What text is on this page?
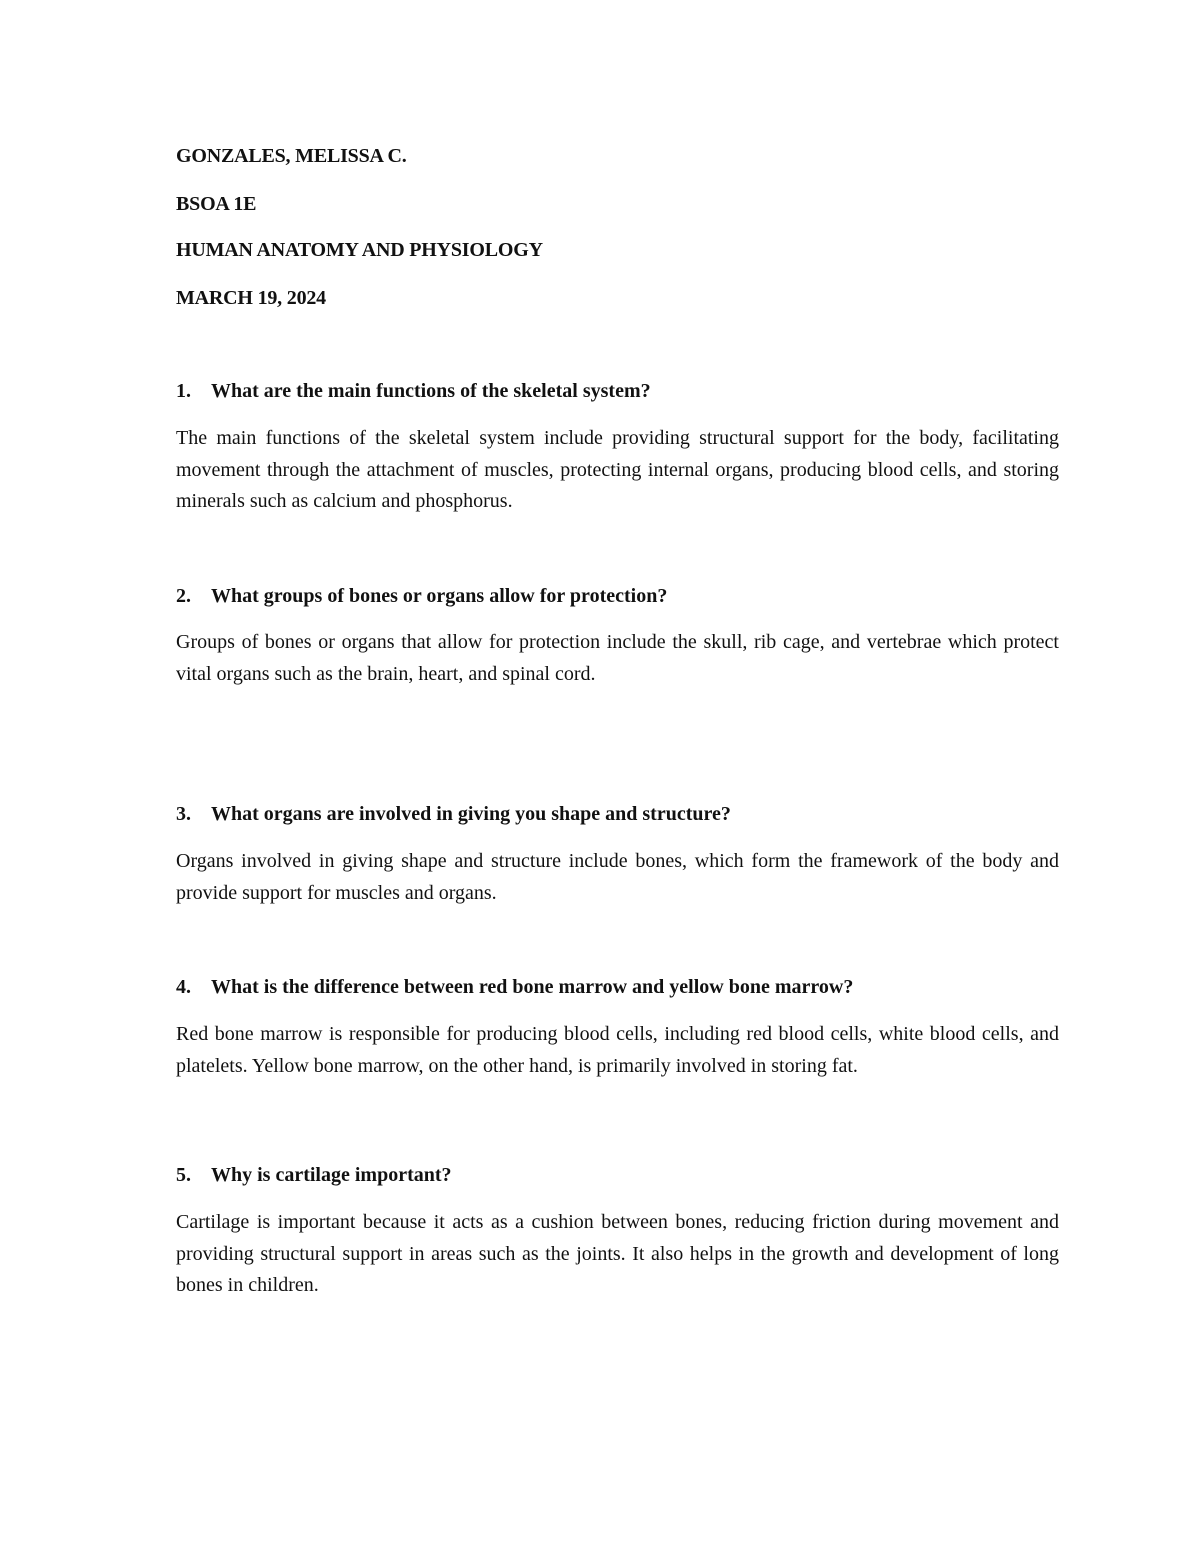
GONZALES, MELISSA C.

BSOA 1E

HUMAN ANATOMY AND PHYSIOLOGY

MARCH 19, 2024

1. What are the main functions of the skeletal system?

The main functions of the skeletal system include providing structural support for the body, facilitating movement through the attachment of muscles, protecting internal organs, producing blood cells, and storing minerals such as calcium and phosphorus.

2. What groups of bones or organs allow for protection?

Groups of bones or organs that allow for protection include the skull, rib cage, and vertebrae which protect vital organs such as the brain, heart, and spinal cord.

3. What organs are involved in giving you shape and structure?

Organs involved in giving shape and structure include bones, which form the framework of the body and provide support for muscles and organs.

4. What is the difference between red bone marrow and yellow bone marrow?

Red bone marrow is responsible for producing blood cells, including red blood cells, white blood cells, and platelets. Yellow bone marrow, on the other hand, is primarily involved in storing fat.

5. Why is cartilage important?

Cartilage is important because it acts as a cushion between bones, reducing friction during movement and providing structural support in areas such as the joints. It also helps in the growth and development of long bones in children.
